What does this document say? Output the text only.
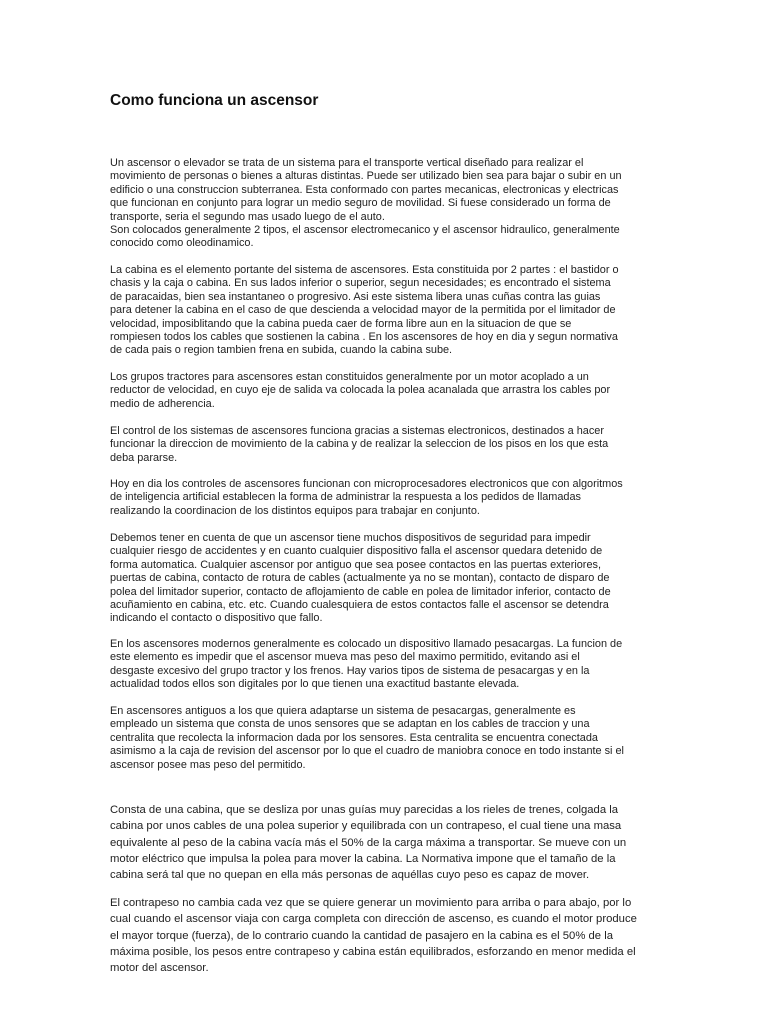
Como funciona un ascensor

Un ascensor o elevador se trata de un sistema para el transporte vertical diseñado para realizar el
movimiento de personas o bienes a alturas distintas. Puede ser utilizado bien sea para bajar o subir en un
edificio o una construccion subterranea. Esta conformado con partes mecanicas, electronicas y electricas
que funcionan en conjunto para lograr un medio seguro de movilidad. Si fuese considerado un forma de
transporte, seria el segundo mas usado luego de el auto.
Son colocados generalmente 2 tipos, el ascensor electromecanico y el ascensor hidraulico, generalmente
conocido como oleodinamico.

La cabina es el elemento portante del sistema de ascensores. Esta constituida por 2 partes : el bastidor o
chasis y la caja o cabina. En sus lados inferior o superior, segun necesidades; es encontrado el sistema
de paracaidas, bien sea instantaneo o progresivo. Asi este sistema libera unas cuñas contra las guias
para detener la cabina en el caso de que descienda a velocidad mayor de la permitida por el limitador de
velocidad, imposiblitando que la cabina pueda caer de forma libre aun en la situacion de que se
rompiesen todos los cables que sostienen la cabina . En los ascensores de hoy en dia y segun normativa
de cada pais o region tambien frena en subida, cuando la cabina sube.

Los grupos tractores para ascensores estan constituidos generalmente por un motor acoplado a un
reductor de velocidad, en cuyo eje de salida va colocada la polea acanalada que arrastra los cables por
medio de adherencia.

El control de los sistemas de ascensores funciona gracias a sistemas electronicos, destinados a hacer
funcionar la direccion de movimiento de la cabina y de realizar la seleccion de los pisos en los que esta
deba pararse.

Hoy en dia los controles de ascensores funcionan con microprocesadores electronicos que con algoritmos
de inteligencia artificial establecen la forma de administrar la respuesta a los pedidos de llamadas
realizando la coordinacion de los distintos equipos para trabajar en conjunto.

Debemos tener en cuenta de que un ascensor tiene muchos dispositivos de seguridad para impedir
cualquier riesgo de accidentes y en cuanto cualquier dispositivo falla el ascensor quedara detenido de
forma automatica. Cualquier ascensor por antiguo que sea posee contactos en las puertas exteriores,
puertas de cabina, contacto de rotura de cables (actualmente ya no se montan), contacto de disparo de
polea del limitador superior, contacto de aflojamiento de cable en polea de limitador inferior, contacto de
acuñamiento en cabina, etc. etc. Cuando cualesquiera de estos contactos falle el ascensor se detendra
indicando el contacto o dispositivo que fallo.

En los ascensores modernos generalmente es colocado un dispositivo llamado pesacargas. La funcion de
este elemento es impedir que el ascensor mueva mas peso del maximo permitido, evitando asi el
desgaste excesivo del grupo tractor y los frenos. Hay varios tipos de sistema de pesacargas y en la
actualidad todos ellos son digitales por lo que tienen una exactitud bastante elevada.

En ascensores antiguos a los que quiera adaptarse un sistema de pesacargas, generalmente es
empleado un sistema que consta de unos sensores que se adaptan en los cables de traccion y una
centralita que recolecta la informacion dada por los sensores. Esta centralita se encuentra conectada
asimismo a la caja de revision del ascensor por lo que el cuadro de maniobra conoce en todo instante si el
ascensor posee mas peso del permitido.

Consta de una cabina, que se desliza por unas guías muy parecidas a los rieles de trenes, colgada la
cabina por unos cables de una polea superior y equilibrada con un contrapeso, el cual tiene una masa
equivalente al peso de la cabina vacía más el 50% de la carga máxima a transportar. Se mueve con un
motor eléctrico que impulsa la polea para mover la cabina. La Normativa impone que el tamaño de la
cabina será tal que no quepan en ella más personas de aquéllas cuyo peso es capaz de mover.

El contrapeso no cambia cada vez que se quiere generar un movimiento para arriba o para abajo, por lo
cual cuando el ascensor viaja con carga completa con dirección de ascenso, es cuando el motor produce
el mayor torque (fuerza), de lo contrario cuando la cantidad de pasajero en la cabina es el 50% de la
máxima posible, los pesos entre contrapeso y cabina están equilibrados, esforzando en menor medida el
motor del ascensor.
